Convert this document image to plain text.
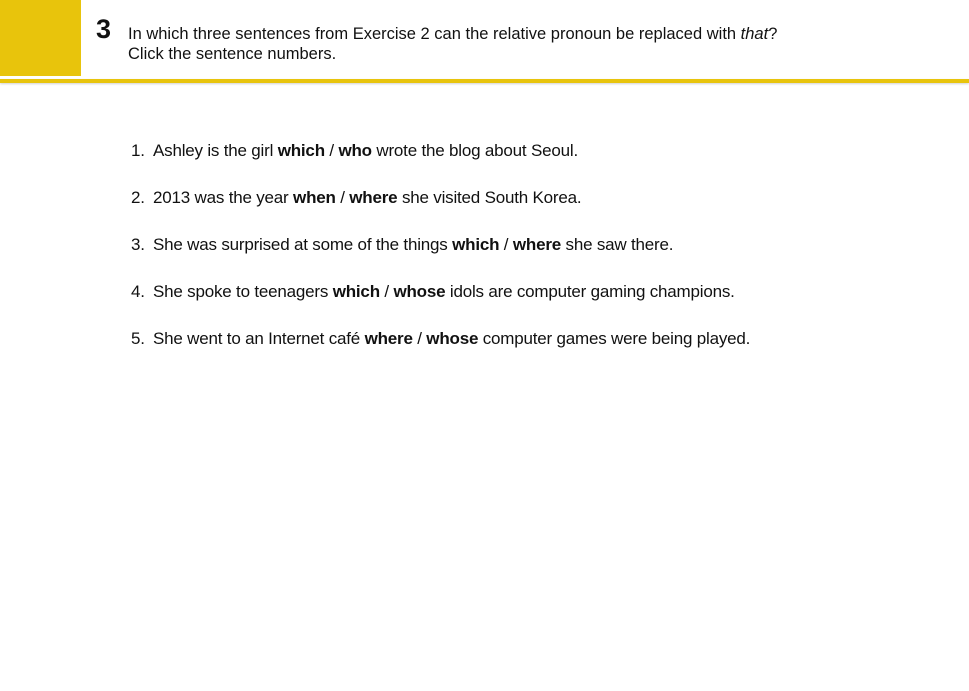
3 In which three sentences from Exercise 2 can the relative pronoun be replaced with that?
Click the sentence numbers.
1. Ashley is the girl which / who wrote the blog about Seoul.
2. 2013 was the year when / where she visited South Korea.
3. She was surprised at some of the things which / where she saw there.
4. She spoke to teenagers which / whose idols are computer gaming champions.
5. She went to an Internet café where / whose computer games were being played.
